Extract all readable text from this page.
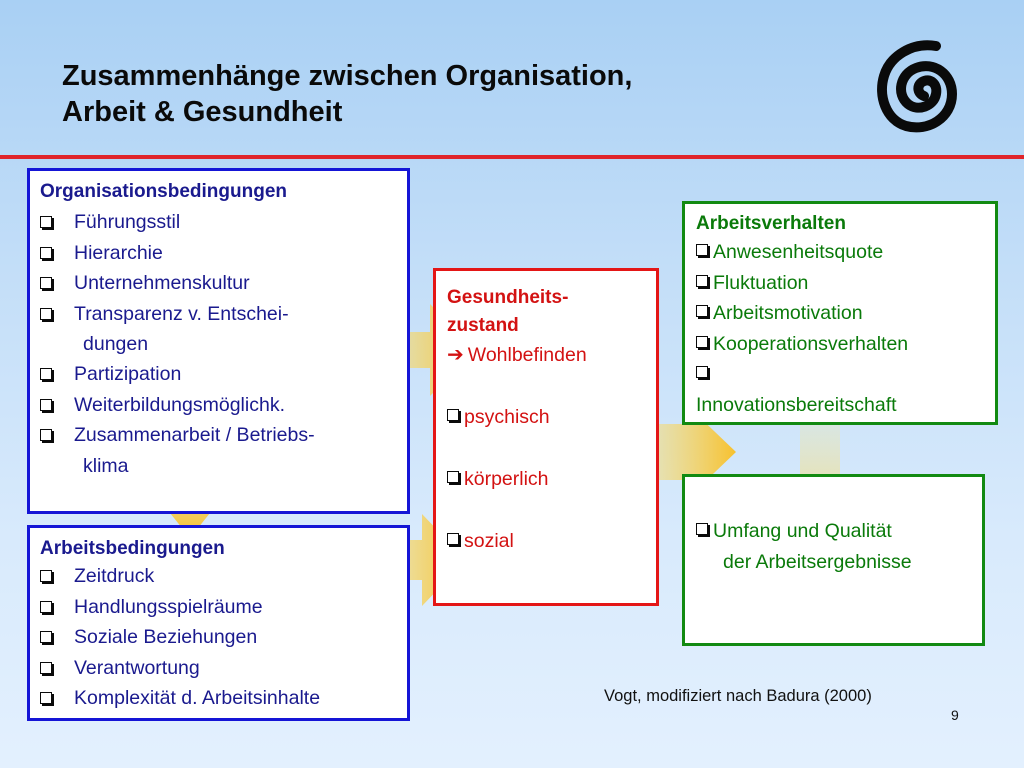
Zusammenhänge zwischen Organisation,
Arbeit & Gesundheit
Organisationsbedingungen
Führungsstil
Hierarchie
Unternehmenskultur
Transparenz v. Entschei-
dungen
Partizipation
Weiterbildungsmöglichk.
Zusammenarbeit / Betriebs-
klima
Arbeitsbedingungen
Zeitdruck
Handlungsspielräume
Soziale Beziehungen
Verantwortung
Komplexität d. Arbeitsinhalte
Gesundheits-
zustand
➔ Wohlbefinden
psychisch
körperlich
sozial
Arbeitsverhalten
Anwesenheitsquote
Fluktuation
Arbeitsmotivation
Kooperationsverhalten
Innovationsbereitschaft
Umfang und Qualität
der Arbeitsergebnisse

Vogt, modifiziert nach Badura (2000)

9
